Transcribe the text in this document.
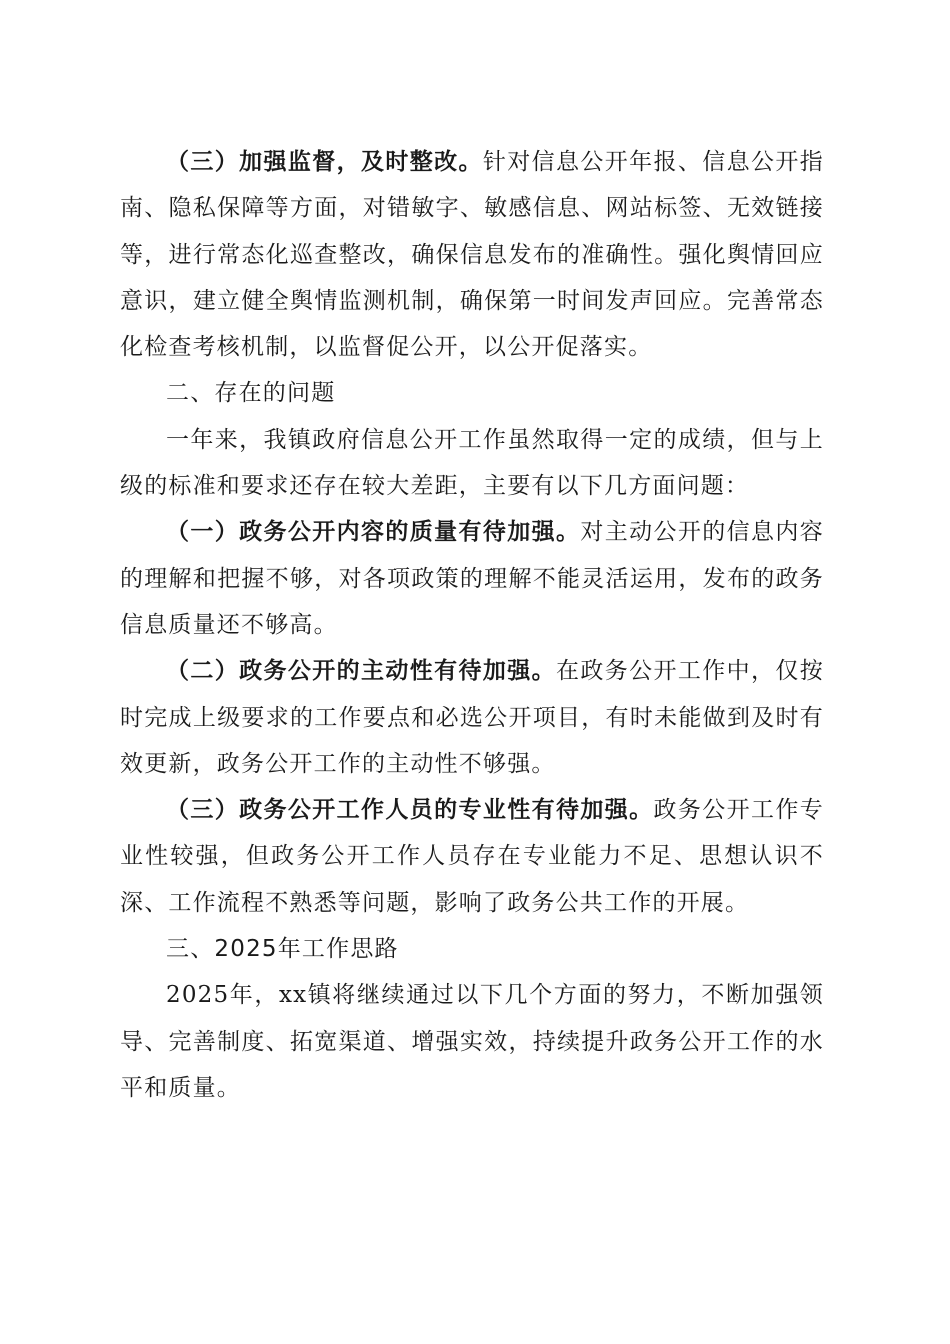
（三）加强监督，及时整改。针对信息公开年报、信息公开指南、隐私保障等方面，对错敏字、敏感信息、网站标签、无效链接等，进行常态化巡查整改，确保信息发布的准确性。强化舆情回应意识，建立健全舆情监测机制，确保第一时间发声回应。完善常态化检查考核机制，以监督促公开，以公开促落实。

二、存在的问题

一年来，我镇政府信息公开工作虽然取得一定的成绩，但与上级的标准和要求还存在较大差距，主要有以下几方面问题：

（一）政务公开内容的质量有待加强。对主动公开的信息内容的理解和把握不够，对各项政策的理解不能灵活运用，发布的政务信息质量还不够高。

（二）政务公开的主动性有待加强。在政务公开工作中，仅按时完成上级要求的工作要点和必选公开项目，有时未能做到及时有效更新，政务公开工作的主动性不够强。

（三）政务公开工作人员的专业性有待加强。政务公开工作专业性较强，但政务公开工作人员存在专业能力不足、思想认识不深、工作流程不熟悉等问题，影响了政务公共工作的开展。

三、2025年工作思路

2025年，xx镇将继续通过以下几个方面的努力，不断加强领导、完善制度、拓宽渠道、增强实效，持续提升政务公开工作的水平和质量。
